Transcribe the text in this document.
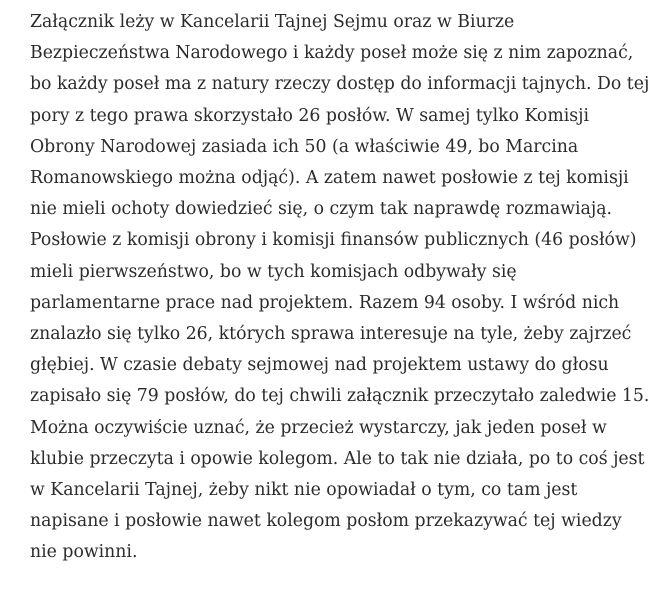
Załącznik leży w Kancelarii Tajnej Sejmu oraz w Biurze
Bezpieczeństwa Narodowego i każdy poseł może się z nim zapoznać,
bo każdy poseł ma z natury rzeczy dostęp do informacji tajnych. Do tej
pory z tego prawa skorzystało 26 posłów. W samej tylko Komisji
Obrony Narodowej zasiada ich 50 (a właściwie 49, bo Marcina
Romanowskiego można odjąć). A zatem nawet posłowie z tej komisji
nie mieli ochoty dowiedzieć się, o czym tak naprawdę rozmawiają.
Posłowie z komisji obrony i komisji finansów publicznych (46 posłów)
mieli pierwszeństwo, bo w tych komisjach odbywały się
parlamentarne prace nad projektem. Razem 94 osoby. I wśród nich
znalazło się tylko 26, których sprawa interesuje na tyle, żeby zajrzeć
głębiej. W czasie debaty sejmowej nad projektem ustawy do głosu
zapisało się 79 posłów, do tej chwili załącznik przeczytało zaledwie 15.
Można oczywiście uznać, że przecież wystarczy, jak jeden poseł w
klubie przeczyta i opowie kolegom. Ale to tak nie działa, po to coś jest
w Kancelarii Tajnej, żeby nikt nie opowiadał o tym, co tam jest
napisane i posłowie nawet kolegom posłom przekazywać tej wiedzy
nie powinni.
